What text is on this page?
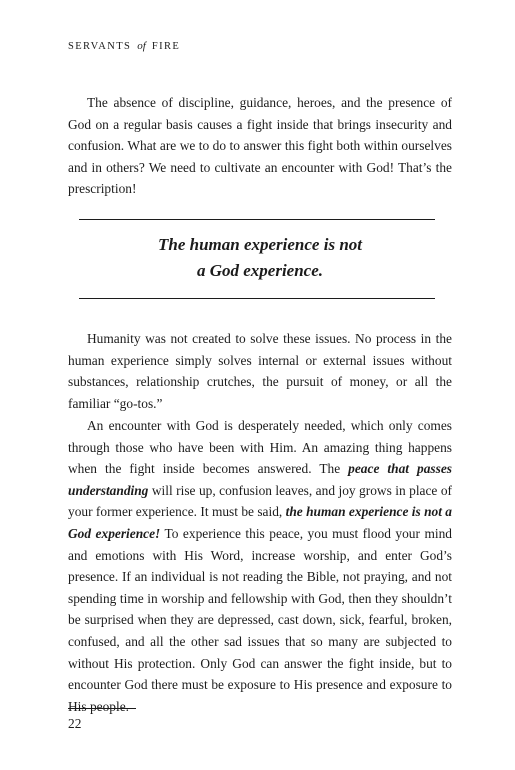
SERVANTS of FIRE

The absence of discipline, guidance, heroes, and the presence of God on a regular basis causes a fight inside that brings insecurity and confusion. What are we to do to answer this fight both within ourselves and in others? We need to cultivate an encounter with God! That’s the prescription!

The human experience is not
a God experience.

Humanity was not created to solve these issues. No process in the human experience simply solves internal or external issues without substances, relationship crutches, the pursuit of money, or all the familiar “go-tos.”

An encounter with God is desperately needed, which only comes through those who have been with Him. An amazing thing happens when the fight inside becomes answered. The peace that passes understanding will rise up, confusion leaves, and joy grows in place of your former experience. It must be said, the human experience is not a God experience! To experience this peace, you must flood your mind and emotions with His Word, increase worship, and enter God’s presence. If an individual is not reading the Bible, not praying, and not spending time in worship and fellowship with God, then they shouldn’t be surprised when they are depressed, cast down, sick, fearful, broken, confused, and all the other sad issues that so many are subjected to without His protection. Only God can answer the fight inside, but to encounter God there must be exposure to His presence and exposure to His people.

22
